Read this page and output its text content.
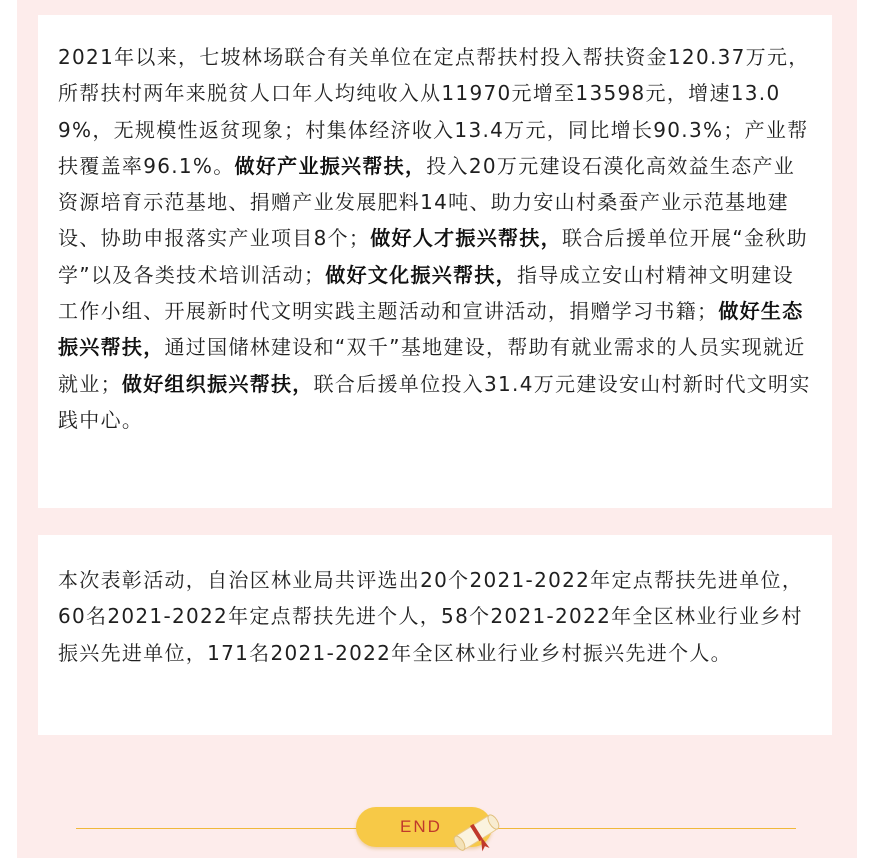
2021年以来，七坡林场联合有关单位在定点帮扶村投入帮扶资金120.37万元，所帮扶村两年来脱贫人口年人均纯收入从11970元增至13598元，增速13.09%，无规模性返贫现象；村集体经济收入13.4万元，同比增长90.3%；产业帮扶覆盖率96.1%。做好产业振兴帮扶，投入20万元建设石漠化高效益生态产业资源培育示范基地、捐赠产业发展肥料14吨、助力安山村桑蚕产业示范基地建设、协助申报落实产业项目8个；做好人才振兴帮扶，联合后援单位开展“金秋助学”以及各类技术培训活动；做好文化振兴帮扶，指导成立安山村精神文明建设工作小组、开展新时代文明实践主题活动和宣讲活动，捐赠学习书籍；做好生态振兴帮扶，通过国储林建设和“双千”基地建设，帮助有就业需求的人员实现就近就业；做好组织振兴帮扶，联合后援单位投入31.4万元建设安山村新时代文明实践中心。

本次表彰活动，自治区林业局共评选出20个2021-2022年定点帮扶先进单位，60名2021-2022年定点帮扶先进个人，58个2021-2022年全区林业行业乡村振兴先进单位，171名2021-2022年全区林业行业乡村振兴先进个人。

END
